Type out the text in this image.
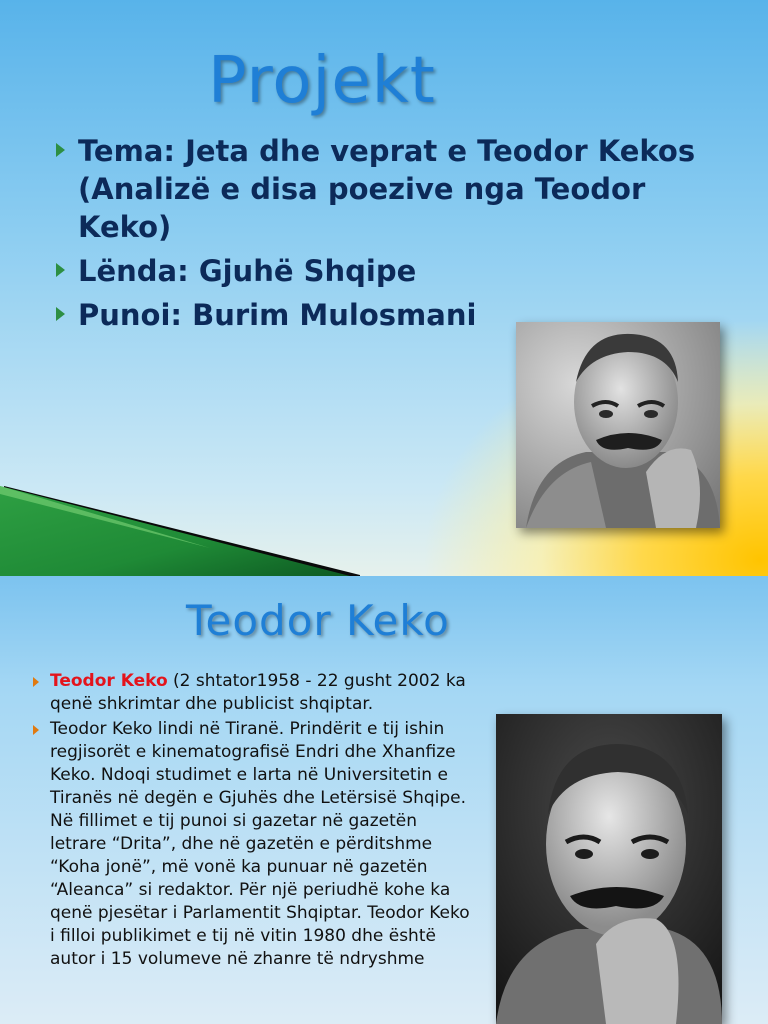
Projekt
Tema: Jeta dhe veprat e Teodor Kekos (Analizë e disa poezive nga Teodor Keko)
Lënda: Gjuhë Shqipe
Punoi: Burim Mulosmani
Teodor Keko
Teodor Keko (2 shtator1958 - 22 gusht 2002 ka qenë shkrimtar dhe publicist shqiptar.
Teodor Keko lindi në Tiranë. Prindërit e tij ishin regjisorët e kinematografisë Endri dhe Xhanfize Keko. Ndoqi studimet e larta në Universitetin e Tiranës në degën e Gjuhës dhe Letërsisë Shqipe. Në fillimet e tij punoi si gazetar në gazetën letrare “Drita”, dhe në gazetën e përditshme “Koha jonë”, më vonë ka punuar në gazetën “Aleanca” si redaktor. Për një periudhë kohe ka qenë pjesëtar i Parlamentit Shqiptar. Teodor Keko i filloi publikimet e tij në vitin 1980 dhe është autor i 15 volumeve në zhanre të ndryshme
